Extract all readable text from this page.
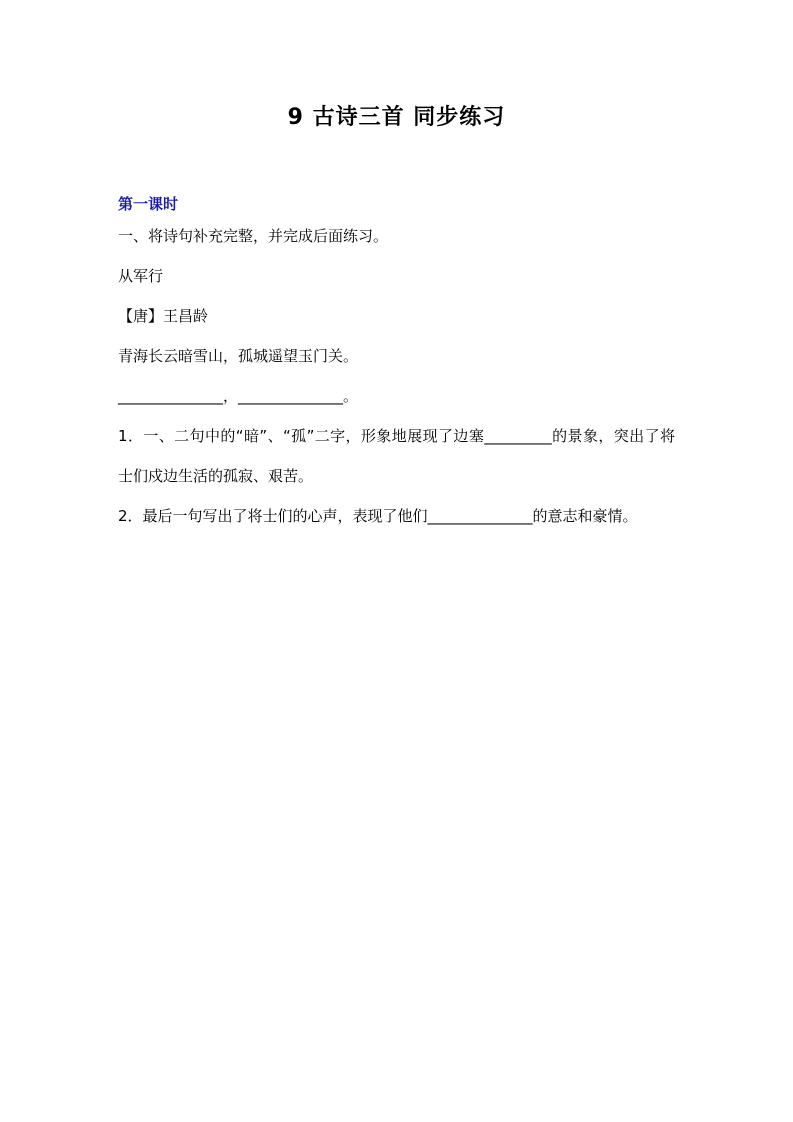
9 古诗三首 同步练习
第一课时
一、将诗句补充完整，并完成后面练习。
从军行
【唐】王昌龄
青海长云暗雪山，孤城遥望玉门关。
______________，______________。
1．一、二句中的“暗”、“孤”二字，形象地展现了边塞_________的景象，突出了将士们戍边生活的孤寂、艰苦。
2．最后一句写出了将士们的心声，表现了他们______________的意志和豪情。
